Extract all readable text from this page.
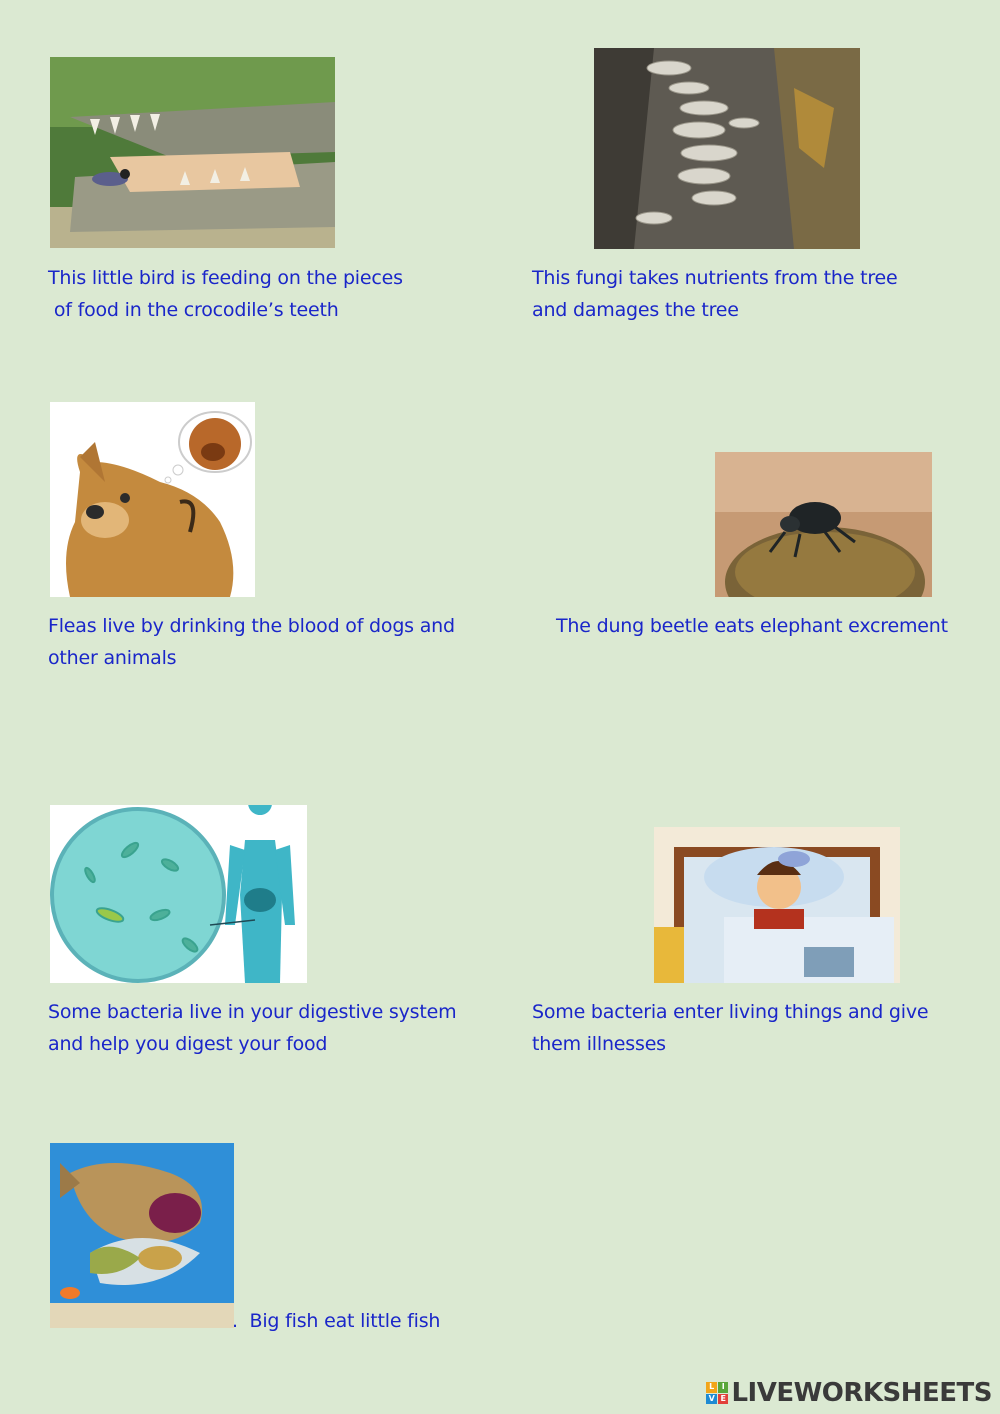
This little bird is feeding on the pieces
of food in the crocodile’s teeth
This fungi takes nutrients from the tree
and damages the tree
Fleas live by drinking the blood of dogs and
other animals
The dung beetle eats elephant excrement
Some bacteria live in your digestive system
and help you digest your food
Some bacteria enter living things and give
them illnesses
.  Big fish eat little fish
L I
V E LIVEWORKSHEETS
